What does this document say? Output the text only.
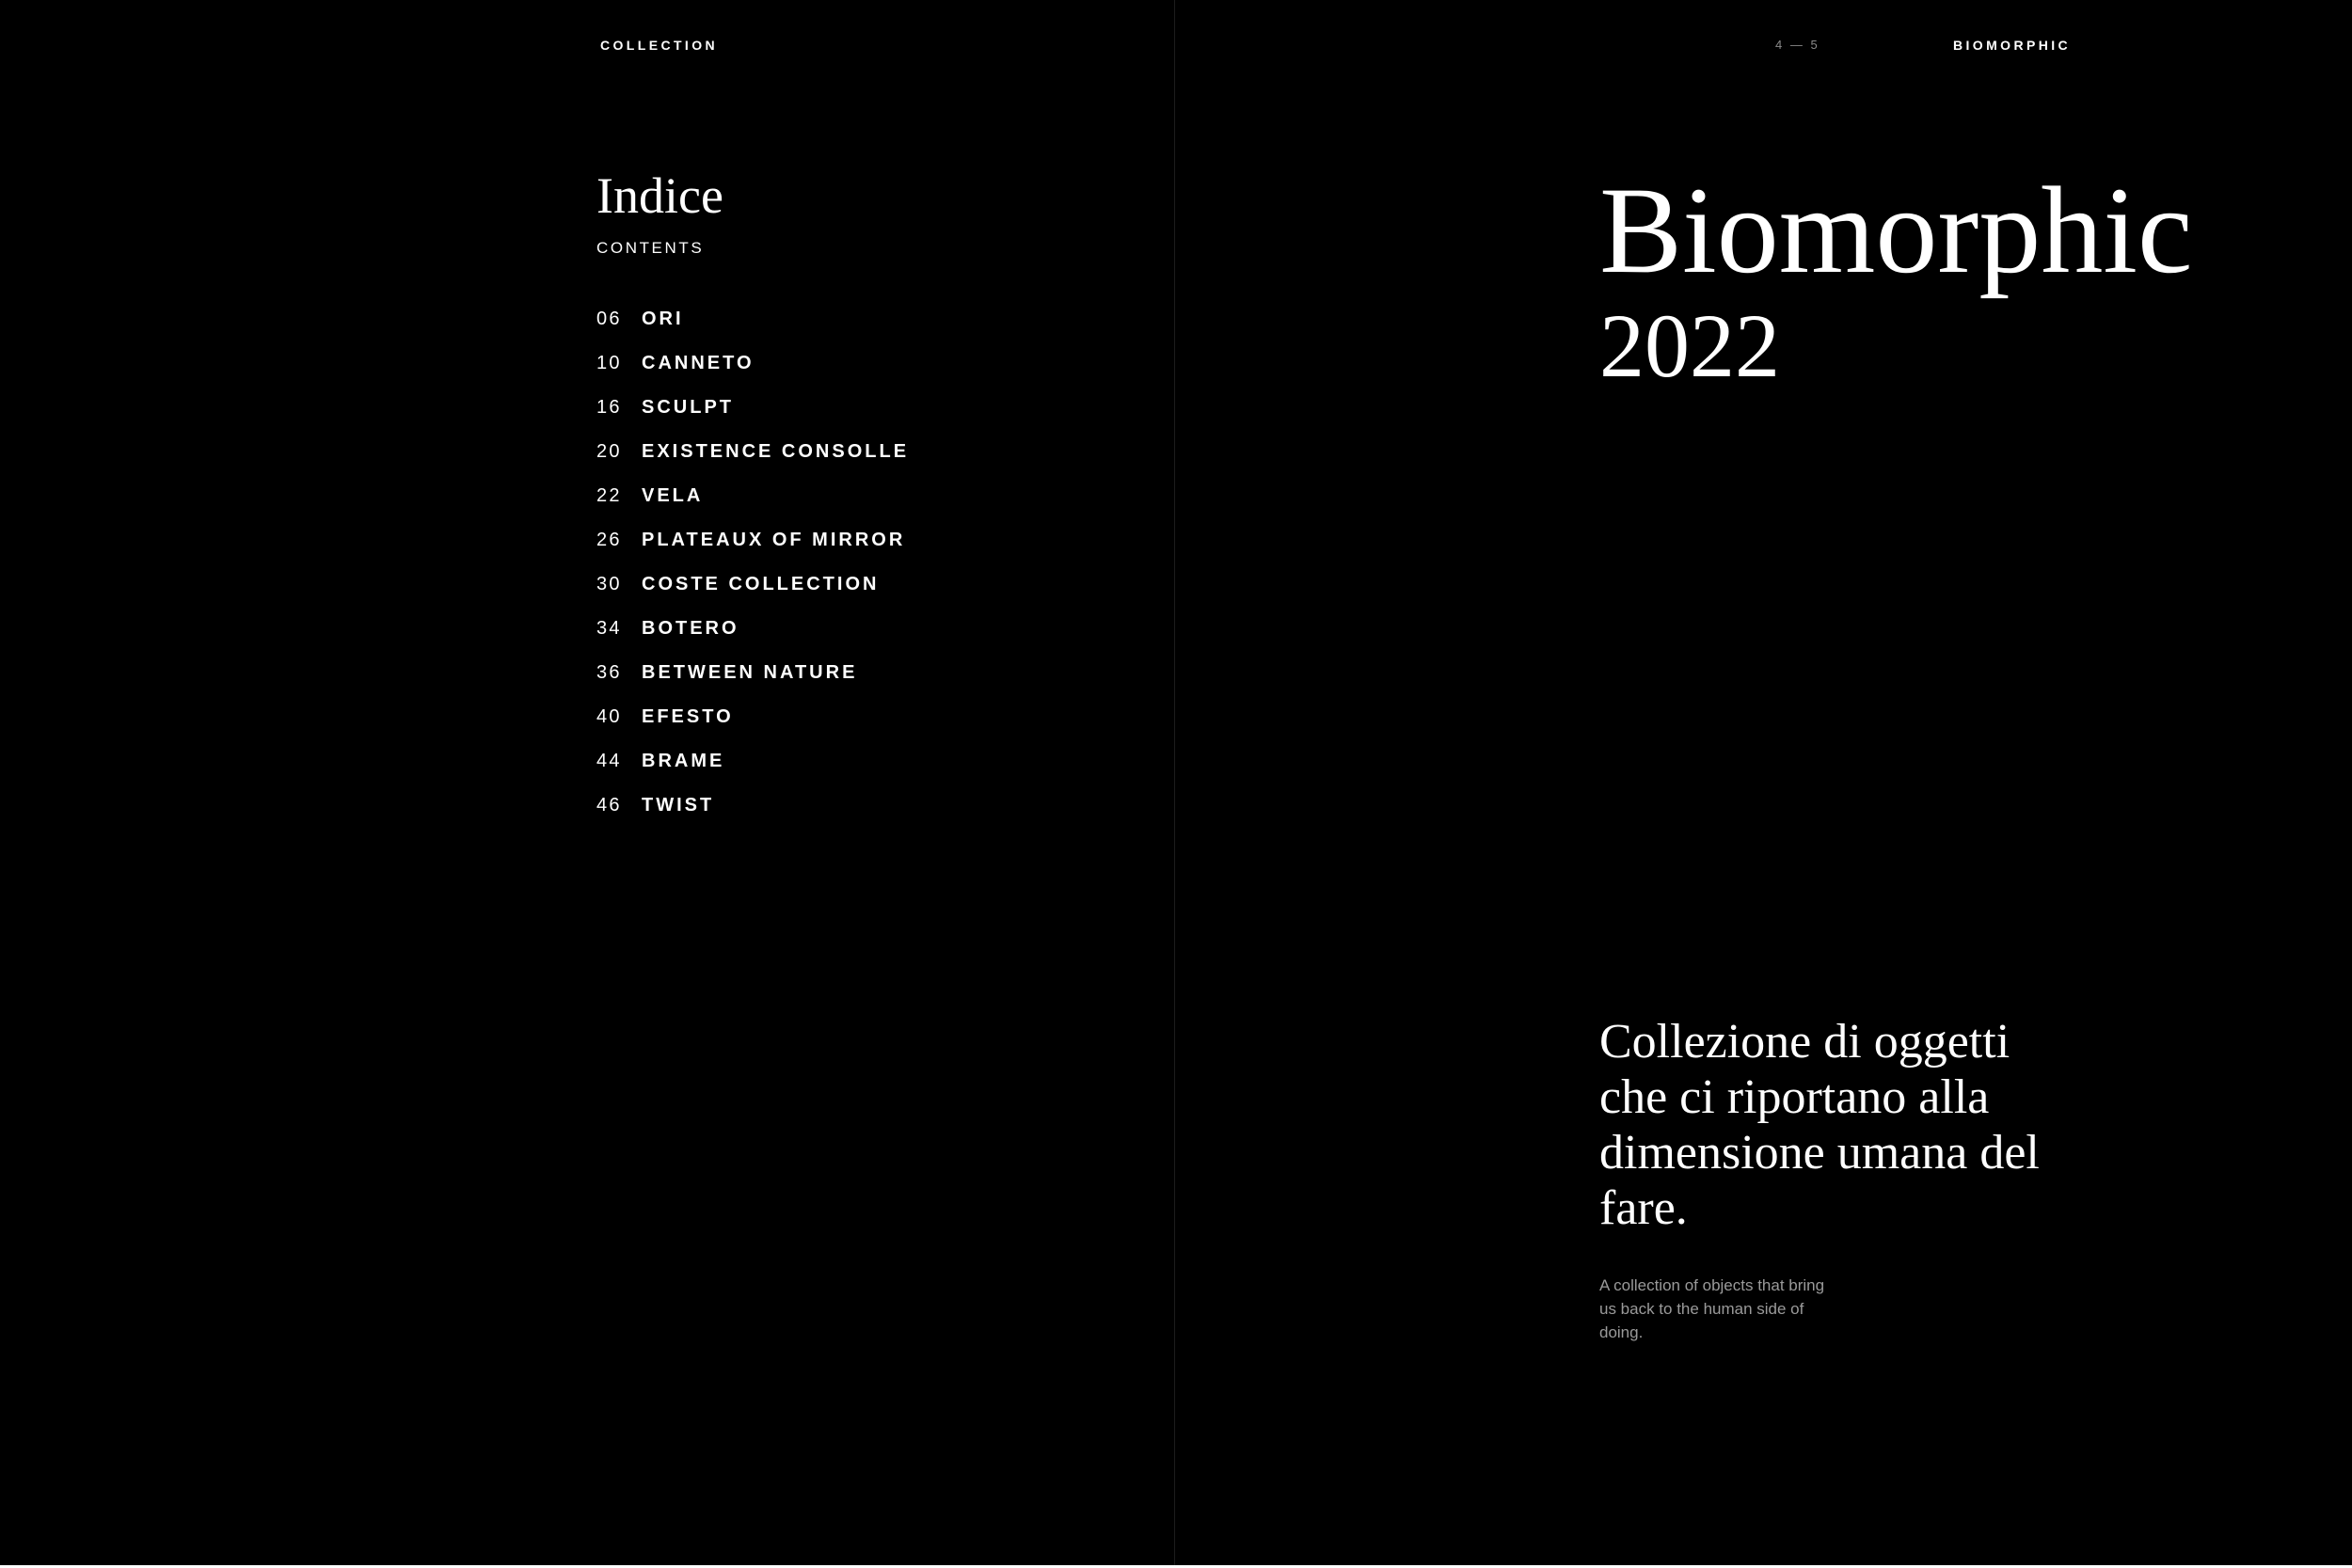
COLLECTION
Indice
CONTENTS
06	ORI
10	CANNETO
16	SCULPT
20	EXISTENCE CONSOLLE
22	VELA
26	PLATEAUX OF MIRROR
30	COSTE COLLECTION
34	BOTERO
36	BETWEEN NATURE
40	EFESTO
44	BRAME
46	TWIST
4 — 5	BIOMORPHIC
Biomorphic
2022
Collezione di oggetti che ci riportano alla dimensione umana del fare.
A collection of objects that bring us back to the human side of doing.
